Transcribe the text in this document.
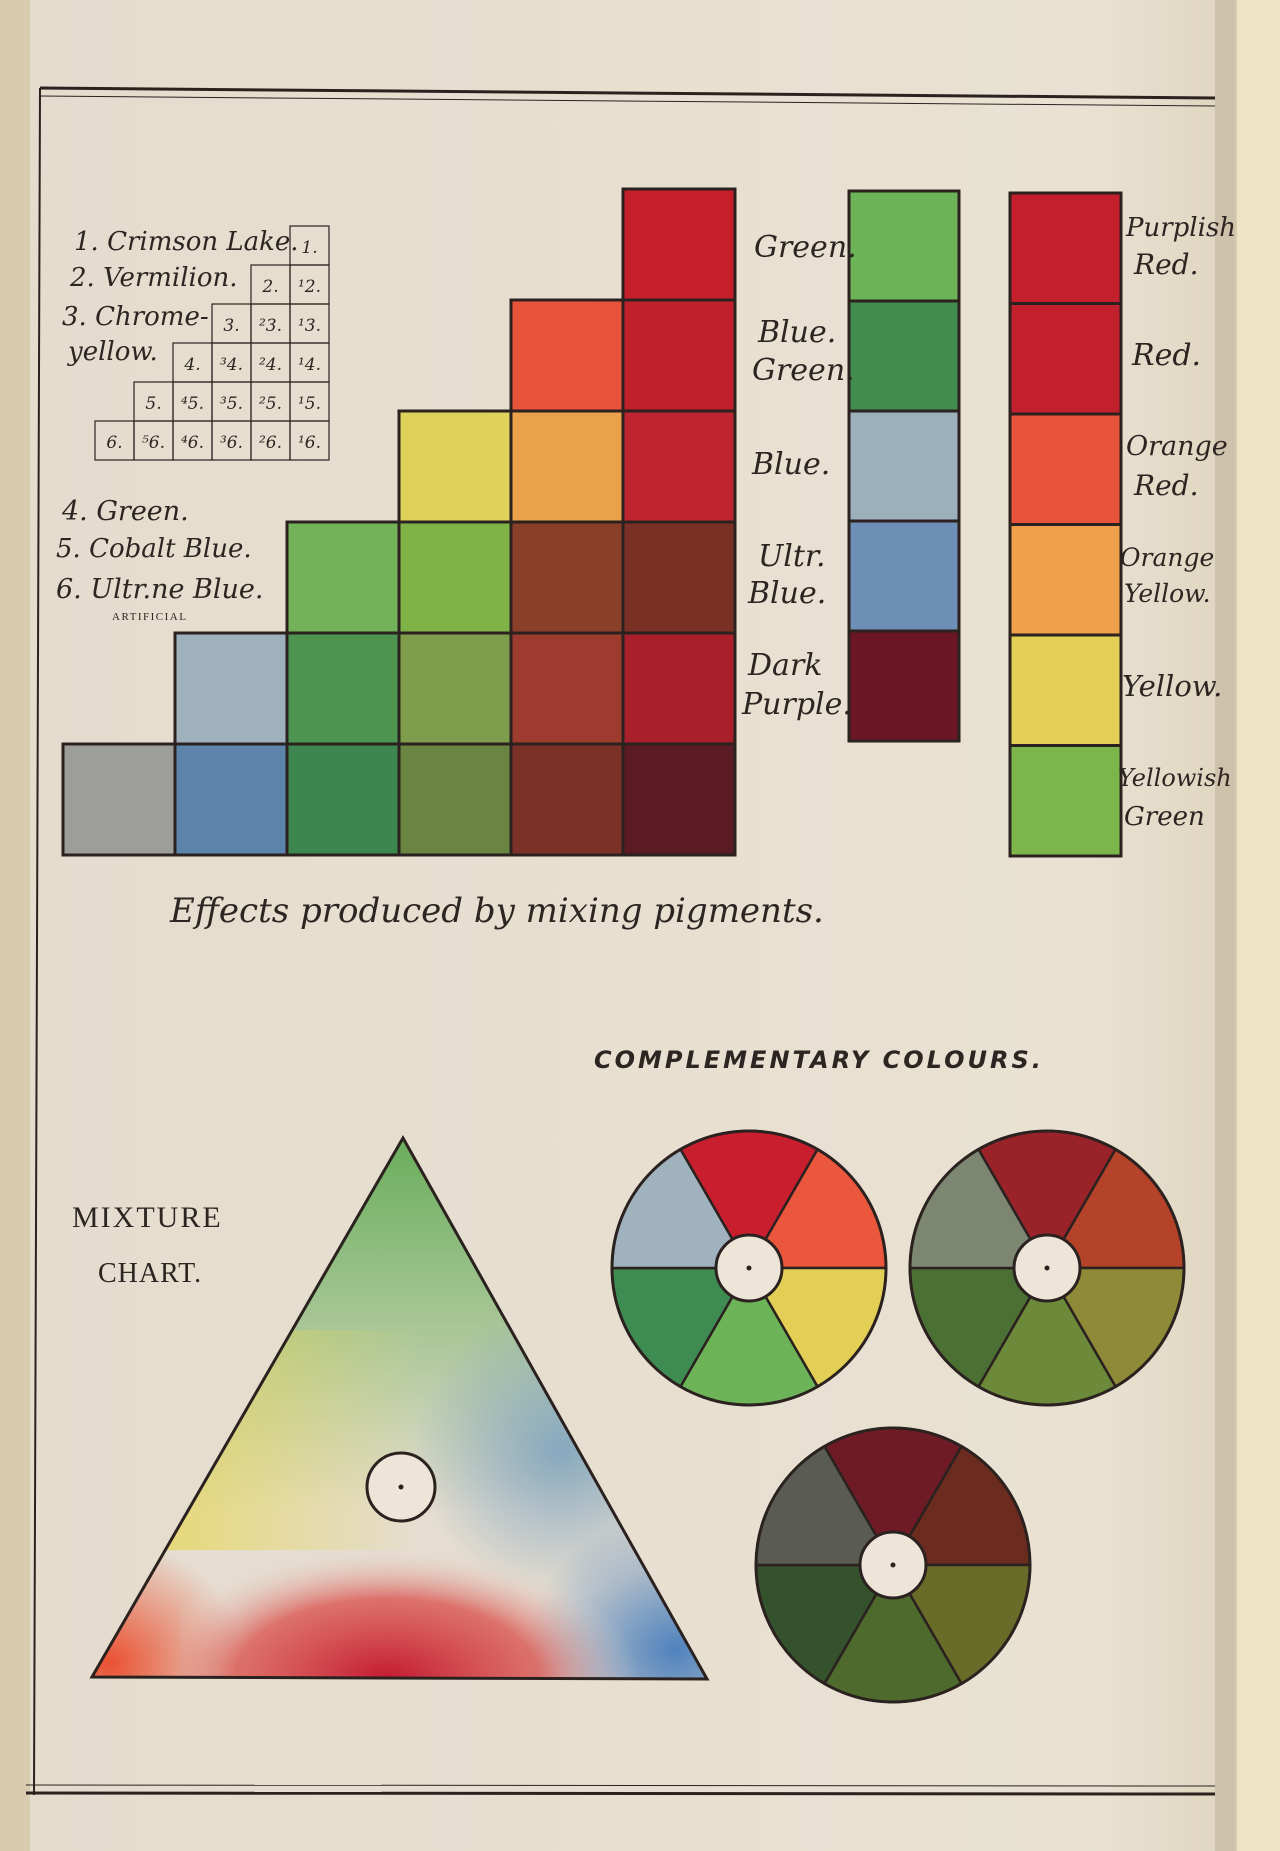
1. Crimson Lake.
2. Vermilion.
3. Chrome-
yellow.
4. Green.
5. Cobalt Blue.
6. Ultr.ne Blue.
ARTIFICIAL
1.
2. ¹2.
3. ²3. ¹3.
4. ³4. ²4. ¹4.
5. ⁴5. ³5. ²5. ¹5.
6. ⁵6. ⁴6. ³6. ²6. ¹6.
Effects produced by mixing pigments.
Green.
Blue.
Green.
Blue.
Ultr.
Blue.
Dark
Purple.
Purplish
Red.
Red.
Orange
Red.
Orange
Yellow.
Yellow.
Yellowish
Green
COMPLEMENTARY COLOURS.
MIXTURE
CHART.
